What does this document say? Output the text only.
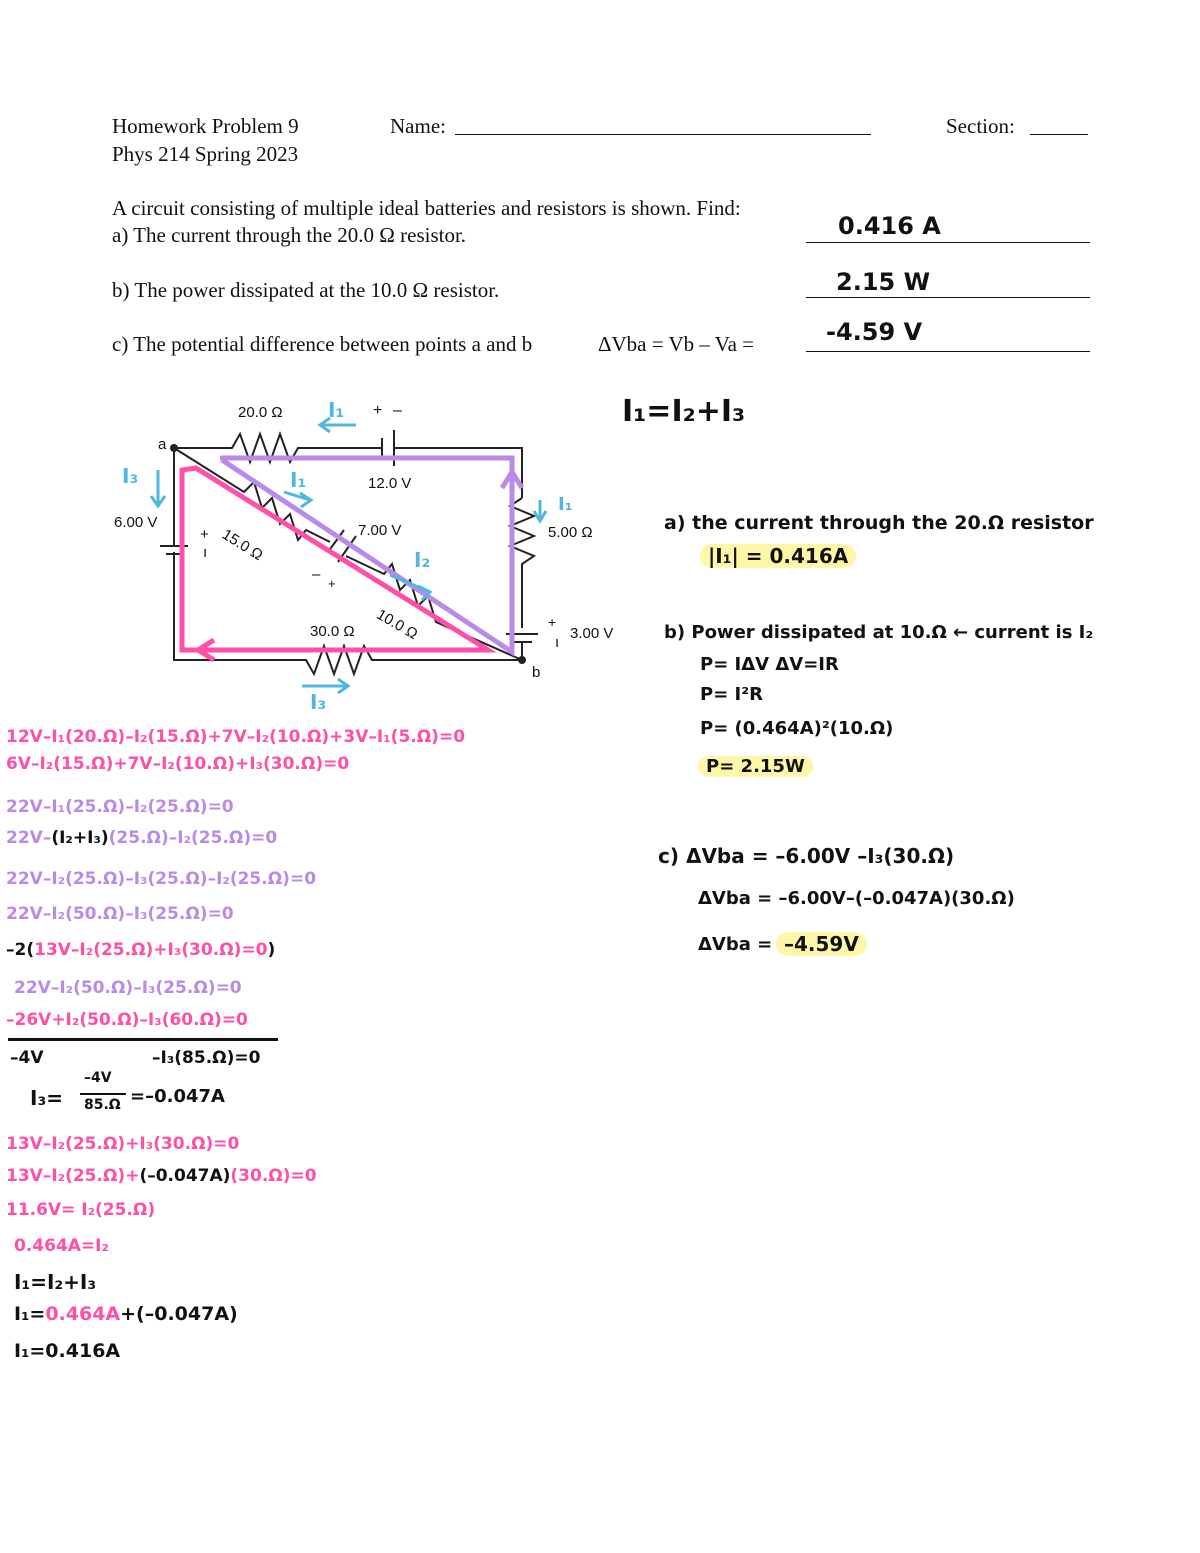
Homework Problem 9
Phys 214 Spring 2023
Name:	Section:
A circuit consisting of multiple ideal batteries and resistors is shown. Find:
a) The current through the 20.0 Ω resistor.
b) The power dissipated at the 10.0 Ω resistor.
c) The potential difference between points a and b	ΔVba = Vb – Va =
0.416 A
2.15 W
-4.59 V
20.0 Ω	+ –
12.0 V
a
6.00 V
+
ı 15.0 Ω	7.00 V
–
+
10.0 Ω
5.00 Ω
+
ı
3.00 V
30.0 Ω
b
I₁
I₃	I₁
I₂
I₁
I₃
I₁=I₂+I₃
12V–I₁(20.Ω)–I₂(15.Ω)+7V–I₂(10.Ω)+3V–I₁(5.Ω)=0
6V–I₂(15.Ω)+7V–I₂(10.Ω)+I₃(30.Ω)=0
22V–I₁(25.Ω)–I₂(25.Ω)=0
22V–(I₂+I₃)(25.Ω)–I₂(25.Ω)=0
22V–I₂(25.Ω)–I₃(25.Ω)–I₂(25.Ω)=0
22V–I₂(50.Ω)–I₃(25.Ω)=0
–2(13V–I₂(25.Ω)+I₃(30.Ω)=0)
22V–I₂(50.Ω)–I₃(25.Ω)=0
–26V+I₂(50.Ω)–I₃(60.Ω)=0
–4V	–I₃(85.Ω)=0
I₃=
–4V
85.Ω =–0.047A
13V–I₂(25.Ω)+I₃(30.Ω)=0
13V–I₂(25.Ω)+(–0.047A)(30.Ω)=0
11.6V= I₂(25.Ω)
0.464A=I₂
I₁=I₂+I₃
I₁=0.464A+(–0.047A)
I₁=0.416A
a) the current through the 20.Ω resistor
|I₁| = 0.416A
b) Power dissipated at 10.Ω ← current is I₂
P= IΔV ΔV=IR
P= I²R
P= (0.464A)²(10.Ω)
P= 2.15W
c) ΔVba = –6.00V –I₃(30.Ω)
ΔVba = –6.00V–(–0.047A)(30.Ω)
ΔVba = –4.59V
